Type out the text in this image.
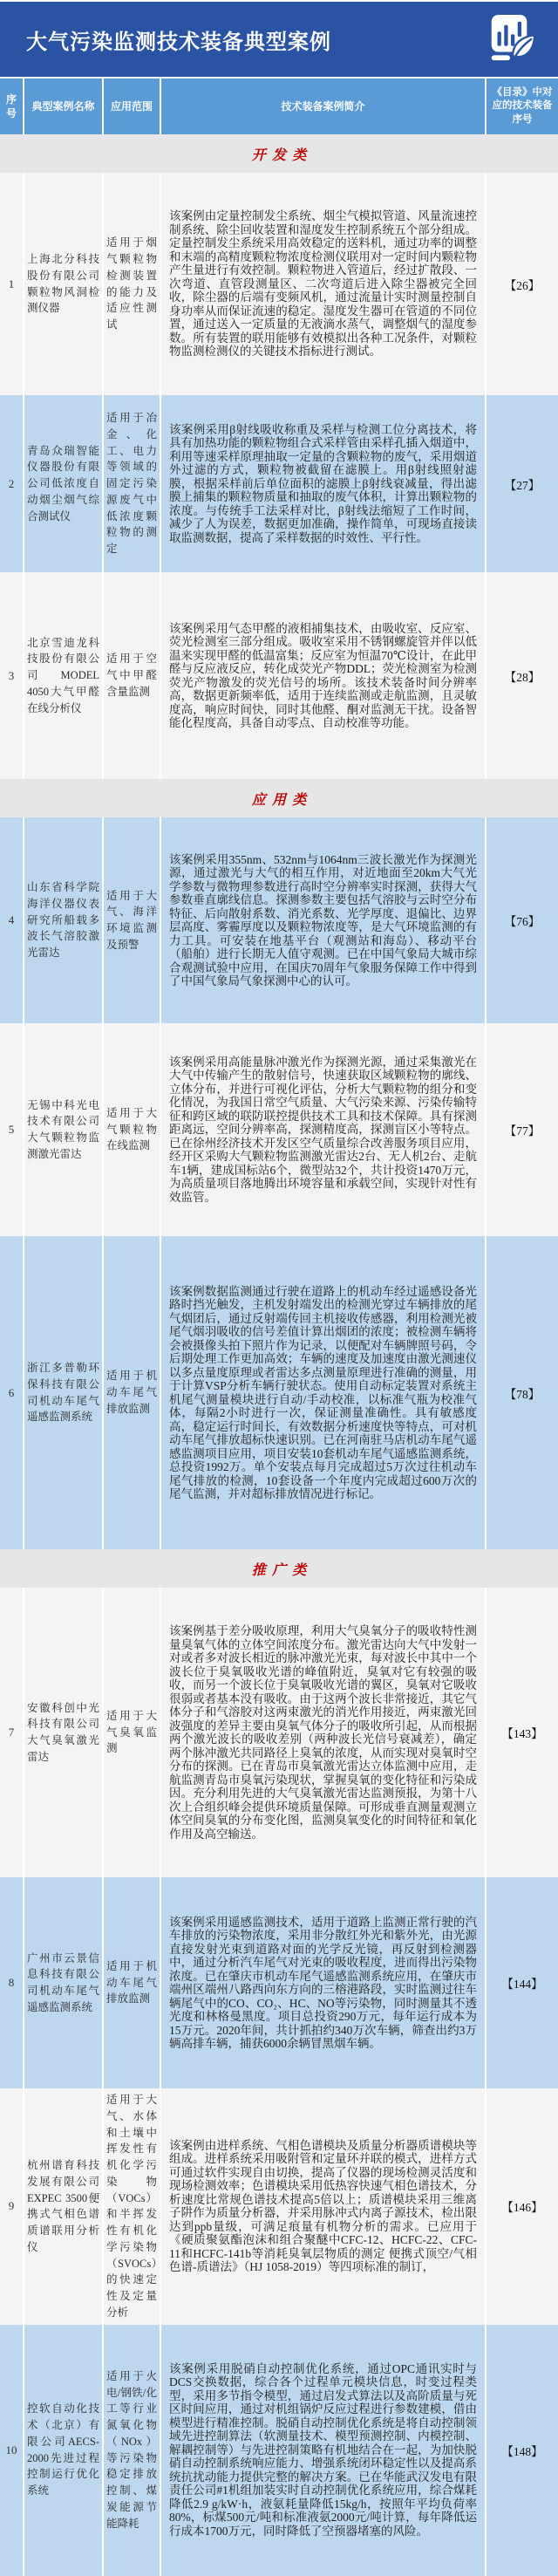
大气污染监测技术装备典型案例
序号	典型案例名称	应用范围	技术装备案例简介	《目录》中对应的技术装备序号
开发类				
1	上海北分科技股份有限公司颗粒物风洞检测仪器	适用于烟气颗粒物检测装置的能力及适应性测试	该案例由定量控制发尘系统、烟尘气模拟管道、风量流速控制系统、除尘回收装置和湿度发生控制系统五个部分组成。定量控制发尘系统采用高效稳定的送料机，通过功率的调整和末端的高精度颗粒物浓度检测仪联用对一定时间内颗粒物产生量进行有效控制。颗粒物进入管道后，经过扩散段、一次弯道、直管段测量区、二次弯道后进入除尘器被完全回收，除尘器的后端有变频风机，通过流量计实时测量控制自身功率从而保证流速的稳定。湿度发生器可在管道的不同位置，通过送入一定质量的无液滴水蒸气，调整烟气的湿度参数。所有装置的联用能够有效模拟出各种工况条件，对颗粒物监测检测仪的关键技术指标进行测试。	【26】
2	青岛众瑞智能仪器股份有限公司低浓度自动烟尘烟气综合测试仪	适用于冶金、化工、电力等领域的固定污染源废气中低浓度颗粒物的测定	该案例采用β射线吸收称重及采样与检测工位分离技术，将具有加热功能的颗粒物组合式采样管由采样孔插入烟道中，利用等速采样原理抽取一定量的含颗粒物的废气，采用烟道外过滤的方式，颗粒物被截留在滤膜上。用β射线照射滤膜，根据采样前后单位面积的滤膜上β射线衰减量，得出滤膜上捕集的颗粒物质量和抽取的废气体积，计算出颗粒物的浓度。与传统手工法采样对比，β射线法缩短了工作时间，减少了人为误差，数据更加准确，操作简单，可现场直接读取监测数据，提高了采样数据的时效性、平行性。	【27】
3	北京雪迪龙科技股份有限公司MODEL 4050大气甲醛在线分析仪	适用于空气中甲醛含量监测	该案例采用气态甲醛的液相捕集技术，由吸收室、反应室、荧光检测室三部分组成。吸收室采用不锈钢螺旋管并伴以低温来实现甲醛的低温富集；反应室为恒温70℃设计，在此甲醛与反应液反应，转化成荧光产物DDL；荧光检测室为检测荧光产物激发的荧光信号的场所。该技术装备时间分辨率高，数据更新频率低，适用于连续监测或走航监测，且灵敏度高，响应时间快，同时其他醛、酮对监测无干扰。设备智能化程度高，具备自动零点、自动校准等功能。	【28】
应用类				
4	山东省科学院海洋仪器仪表研究所船载多波长气溶胶激光雷达	适用于大气、海洋环境监测及预警	该案例采用355nm、532nm与1064nm三波长激光作为探测光源，通过激光与大气的相互作用，对近地面至20km大气光学参数与微物理参数进行高时空分辨率实时探测，获得大气参数垂直廓线信息。探测参数主要包括气溶胶与云时空分布特征、后向散射系数、消光系数、光学厚度、退偏比、边界层高度、雾霾厚度以及颗粒物浓度等，是大气环境监测的有力工具。可安装在地基平台（观测站和海岛）、移动平台（船舶）进行长期无人值守观测。已在中国气象局大城市综合观测试验中应用，在国庆70周年气象服务保障工作中得到了中国气象局气象探测中心的认可。	【76】
5	无锡中科光电技术有限公司大气颗粒物监测激光雷达	适用于大气颗粒物在线监测	该案例采用高能量脉冲激光作为探测光源，通过采集激光在大气中传输产生的散射信号，快速获取区域颗粒物的廓线、立体分布，并进行可视化评估，分析大气颗粒物的组分和变化情况，为我国日常空气质量、大气污染来源、污染传输特征和跨区域的联防联控提供技术工具和技术保障。具有探测距离远，空间分辨率高，探测精度高，探测盲区小等特点。已在徐州经济技术开发区空气质量综合改善服务项目应用，经开区采购大气颗粒物监测激光雷达2台、无人机2台、走航车1辆，建成国标站6个，微型站32个，共计投资1470万元，为高质量项目落地腾出环境容量和承载空间，实现针对性有效监管。	【77】
6	浙江多普勒环保科技有限公司机动车尾气遥感监测系统	适用于机动车尾气排放监测	该案例数据监测通过行驶在道路上的机动车经过遥感设备光路时挡光触发，主机发射端发出的检测光穿过车辆排放的尾气烟团后，通过反射端传回主机接收传感器，利用检测光被尾气烟羽吸收的信号差值计算出烟团的浓度；被检测车辆将会被摄像头拍下照片作为记录，以便配对车辆牌照号码，令后期处理工作更加高效；车辆的速度及加速度由激光测速仪以多点量度原理或者雷达多点测量原理进行准确的测量，用于计算VSP分析车辆行驶状态。使用自动标定装置对系统主机尾气测量模块进行自动/手动校准，以标准气瓶为校准气体，每隔2小时进行一次，保证测量准确性。具有敏感度高，稳定运行时间长，有效数据分析速度快等特点，可对机动车尾气排放超标快速识别。已在河南驻马店机动车尾气遥感监测项目应用，项目安装10套机动车尾气遥感监测系统，总投资1992万。单个安装点每月完成超过5万次过往机动车尾气排放的检测，10套设备一个年度内完成超过600万次的尾气监测，并对超标排放情况进行标记。	【78】
推广类				
7	安徽科创中光科技有限公司大气臭氧激光雷达	适用于大气臭氧监测	该案例基于差分吸收原理，利用大气臭氧分子的吸收特性测量臭氧气体的立体空间浓度分布。激光雷达向大气中发射一对或者多对波长相近的脉冲激光光束，每对波长中其中一个波长位于臭氧吸收光谱的峰值附近，臭氧对它有较强的吸收，而另一个波长位于臭氧吸收光谱的翼区，臭氧对它吸收很弱或者基本没有吸收。由于这两个波长非常接近，其它气体分子和气溶胶对这两束激光的消光作用接近，两束激光回波强度的差异主要由臭氧气体分子的吸收所引起，从而根据两个激光波长的吸收差别（两种波长光信号衰减差），确定两个脉冲激光共同路径上臭氧的浓度，从而实现对臭氧时空分布的探测。已在青岛市臭氧激光雷达立体监测中应用，走航监测青岛市臭氧污染现状，掌握臭氧的变化特征和污染成因。充分利用先进的大气臭氧激光雷达监测预报，为第十八次上合组织峰会提供环境质量保障。可形成垂直测量观测立体空间臭氧的分布变化图，监测臭氧变化的时间特征和氧化作用及高空输送。	【143】
8	广州市云景信息科技有限公司机动车尾气遥感监测系统	适用于机动车尾气排放监测	该案例采用遥感监测技术，适用于道路上监测正常行驶的汽车排放的污染物浓度，采用非分散红外光和紫外光，由光源直接发射光束到道路对面的光学反光镜，再反射到检测器中，通过分析汽车尾气对光束的吸收程度，进而得出污染物浓度。已在肇庆市机动车尾气遥感监测系统应用，在肇庆市端州区端州八路西向东方向的三榕港路段，实时监测过往车辆尾气中的CO、CO₂、HC、NO等污染物，同时测量其不透光度和林格曼黑度。项目总投资290万元，每年运行成本为15万元。2020年间，共计抓拍约340万次车辆，筛查出约3万辆高排车辆，捕获6000余辆冒黑烟车辆。	【144】
9	杭州谱育科技发展有限公司EXPEC 3500便携式气相色谱质谱联用分析仪	适用于大气、水体和土壤中挥发性有机化学污染物（VOCs）和半挥发性有机化学污染物（SVOCs）的快速定性及定量分析	该案例由进样系统、气相色谱模块及质量分析器质谱模块等组成。进样系统采用吸附管和定量环并联的模式，进样方式可通过软件实现自由切换，提高了仪器的现场检测灵活度和现场检测效率；色谱模块采用低热容快速气相色谱技术，分析速度比常规色谱技术提高5倍以上；质谱模块采用三维离子阱作为质量分析器，并采用脉冲式内离子源技术，检出限达到ppb量级，可满足痕量有机物分析的需求。已应用于《硬质聚氨酯泡沫和组合聚醚中CFC-12、HCFC-22、CFC-11和HCFC-141b等消耗臭氧层物质的测定 便携式顶空/气相色谱-质谱法》（HJ 1058-2019）等四项标准的制订，	【146】
10	控软自动化技术（北京）有限公司AECS-2000先进过程控制运行优化系统	适用于火电/钢铁/化工等行业氮氧化物（NOx）等污染物稳定排放控制、煤炭能源节能降耗	该案例采用脱硝自动控制优化系统，通过OPC通讯实时与DCS交换数据，综合各个过程单元模块信息，时变过程类型，采用多节指令模型，通过启发式算法以及高阶质量与死区时间应用，通过对机组锅炉反应过程进行参数建模，借由模型进行精准控制。脱硝自动控制优化系统是将自动控制领域先进控制算法（软测量技术、模型预测控制、内模控制、解耦控制等）与先进控制策略有机地结合在一起，为加快脱硝自动控制系统响应能力、增强系统闭环稳定性以及提高系统抗扰动能力提供完整的解决方案。已在华能武汉发电有限责任公司#1机组加装实时自动控制优化系统应用，综合煤耗降低2.9 g/kW·h，液氨耗量降低15kg/h，按照年平均负荷率80%，标煤500元/吨和标准液氨2000元/吨计算，每年降低运行成本1700万元，同时降低了空预器堵塞的风险。	【148】
